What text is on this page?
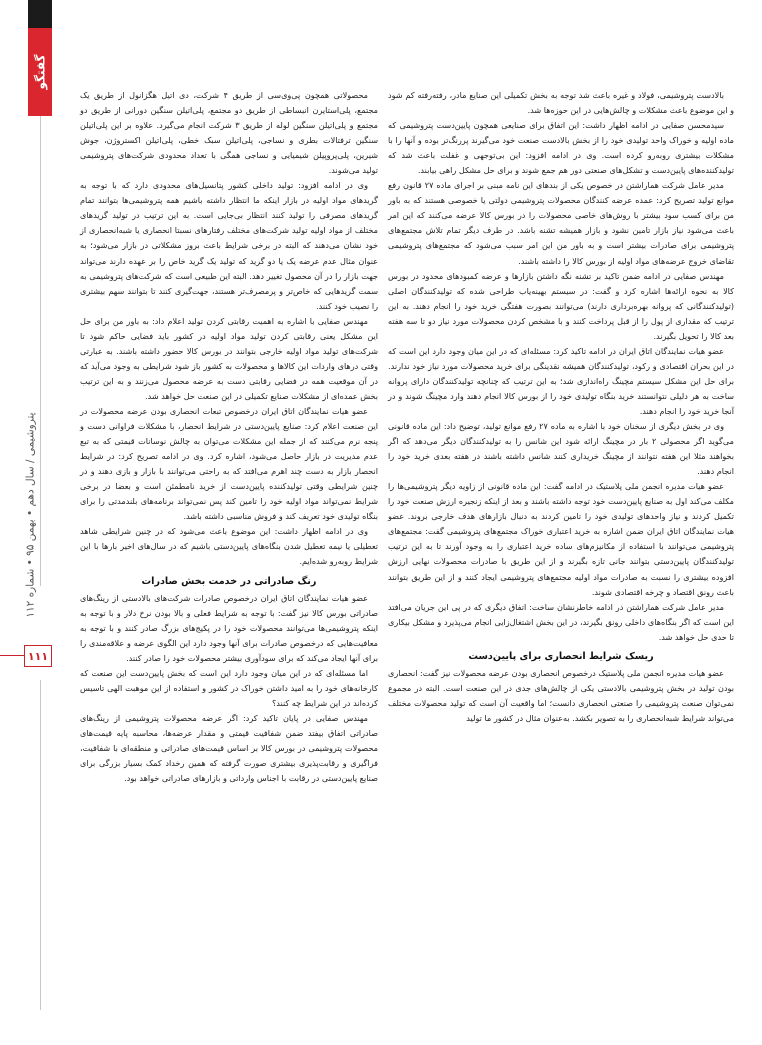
گفتگو
پتروشیمی / سال دهم • بهمن ۹۵ • شماره ۱۱۲
۱۱۱

بالادست پتروشیمی، فولاد و غیره باعث شد توجه به بخش تکمیلی این صنایع مادر، رفته‌رفته کم شود و این موضوع باعث مشکلات و چالش‌هایی در این حوزه‌ها شد.

سیدمحسن صفایی در ادامه اظهار داشت: این اتفاق برای صنایعی همچون پایین‌دست پتروشیمی که ماده اولیه و خوراک واحد تولیدی خود را از بخش بالادست صنعت خود می‌گیرند پررنگ‌تر بوده و آنها را با مشکلات بیشتری روبه‌رو کرده است. وی در ادامه افزود: این بی‌توجهی و غفلت باعث شد که تولیدکننده‌های پایین‌دست و تشکل‌های صنعتی دور هم جمع شوند و برای حل مشکل راهی بیابند.

مدیر عامل شرکت هماراشتن در خصوص یکی از بندهای این نامه مبنی بر اجرای ماده ۲۷ قانون رفع موانع تولید تصریح کرد: عمده عرضه کنندگان محصولات پتروشیمی دولتی یا خصوصی هستند که به باور من برای کسب سود بیشتر با روش‌های خاصی محصولات را در بورس کالا عرضه می‌کنند که این امر باعث می‌شود نیاز بازار تامین نشود و بازار همیشه تشنه باشد. در طرف دیگر تمام تلاش مجتمع‌های پتروشیمی برای صادرات بیشتر است و به باور من این امر سبب می‌شود که مجتمع‌های پتروشیمی تقاضای خروج عرضه‌های مواد اولیه از بورس کالا را داشته باشند.

مهندس صفایی در ادامه ضمن تاکید بر تشنه نگه داشتن بازارها و عرضه کمبودهای محدود در بورس کالا به نحوه ارائه‌ها اشاره کرد و گفت: در سیستم بهینه‌یاب طراحی شده که تولیدکنندگان اصلی (تولیدکنندگانی که پروانه بهره‌برداری دارند) می‌توانند بصورت هفتگی خرید خود را انجام دهند. به این ترتیب که مقداری از پول را از قبل پرداخت کنند و با مشخص کردن محصولات مورد نیاز دو تا سه هفته بعد کالا را تحویل بگیرند.

عضو هیات نمایندگان اتاق ایران در ادامه تاکید کرد: مسئله‌ای که در این میان وجود دارد این است که در این بحران اقتصادی و رکود، تولیدکنندگان همیشه نقدینگی برای خرید محصولات مورد نیاز خود ندارند. برای حل این مشکل سیستم مچینگ راه‌اندازی شد؛ به این ترتیب که چنانچه تولیدکنندگان دارای پروانه ساخت به هر دلیلی نتوانستند خرید بنگاه تولیدی خود را از بورس کالا انجام دهند وارد مچینگ شوند و در آنجا خرید خود را انجام دهند.

وی در بخش دیگری از سخنان خود با اشاره به ماده ۲۷ رفع موانع تولید، توضیح داد: این ماده قانونی می‌گوید اگر محصولی ۲ بار در مچینگ ارائه شود این شانس را به تولیدکنندگان دیگر می‌دهد که اگر بخواهند مثلا این هفته نتوانند از مچینگ خریداری کنند شانس داشته باشند در هفته بعدی خرید خود را انجام دهند.

عضو هیات مدیره انجمن ملی پلاستیک در ادامه گفت: این ماده قانونی از زاویه دیگر پتروشیمی‌ها را مکلف می‌کند اول به صنایع پایین‌دست خود توجه داشته باشند و بعد از اینکه زنجیره ارزش صنعت خود را تکمیل کردند و نیاز واحدهای تولیدی خود را تامین کردند به دنبال بازارهای هدف خارجی بروند. عضو هیات نمایندگان اتاق ایران ضمن اشاره به خرید اعتباری خوراک مجتمع‌های پتروشیمی گفت: مجتمع‌های پتروشیمی می‌توانند با استفاده از مکانیزم‌های ساده خرید اعتباری را به وجود آورند تا به این ترتیب تولیدکنندگان پایین‌دستی بتوانند جانی تازه بگیرند و از این طریق با صادرات محصولات نهایی ارزش افزوده بیشتری را نسبت به صادرات مواد اولیه مجتمع‌های پتروشیمی ایجاد کنند و از این طریق بتوانند باعث رونق اقتصاد و چرخه اقتصادی شوند.

مدیر عامل شرکت هماراشتن در ادامه خاطرنشان ساخت: اتفاق دیگری که در پی این جریان می‌افتد این است که اگر بنگاه‌های داخلی رونق بگیرند، در این بخش اشتغال‌زایی انجام می‌پذیرد و مشکل بیکاری تا حدی حل خواهد شد.

ریسک شرایط انحصاری برای پایین‌دست

عضو هیات مدیره انجمن ملی پلاستیک درخصوص انحصاری بودن عرضه محصولات نیز گفت: انحصاری بودن تولید در بخش پتروشیمی بالادستی یکی از چالش‌های جدی در این صنعت است. البته در مجموع نمی‌توان صنعت پتروشیمی را صنعتی انحصاری دانست؛ اما واقعیت آن است که تولید محصولات مختلف می‌تواند شرایط شبه‌انحصاری را به تصویر بکشد. به‌عنوان مثال در کشور ما تولید

محصولاتی همچون پی‌وی‌سی از طریق ۴ شرکت، دی اتیل هگزانول از طریق یک مجتمع، پلی‌استایرن انبساطی از طریق دو مجتمع، پلی‌اتیلن سنگین دورانی از طریق دو مجتمع و پلی‌اتیلن سنگین لوله از طریق ۳ شرکت انجام می‌گیرد. علاوه بر این پلی‌اتیلن سنگین ترفتالات بطری و نساجی، پلی‌اتیلن سبک خطی، پلی‌اتیلن اکستروژن، جوش شیرین، پلی‌پروپیلن شیمیایی و نساجی همگی با تعداد محدودی شرکت‌های پتروشیمی تولید می‌شوند.

وی در ادامه افزود: تولید داخلی کشور پتانسیل‌های محدودی دارد که با توجه به گریدهای مواد اولیه در بازار اینکه ما انتظار داشته باشیم همه پتروشیمی‌ها بتوانند تمام گریدهای مصرفی را تولید کنند انتظار بی‌جایی است. به این ترتیب در تولید گریدهای مختلف از مواد اولیه تولید شرکت‌های مختلف رفتارهای نسبتا انحصاری یا شبه‌انحصاری از خود نشان می‌دهند که البته در برخی شرایط باعث بروز مشکلاتی در بازار می‌شود؛ به عنوان مثال عدم عرضه یک یا دو گرید که تولید یک گرید خاص را بر عهده دارند می‌تواند جهت بازار را در آن محصول تغییر دهد. البته این طبیعی است که شرکت‌های پتروشیمی به سمت گریدهایی که خاص‌تر و پرمصرف‌تر هستند، جهت‌گیری کنند تا بتوانند سهم بیشتری را نصیب خود کنند.

مهندس صفایی با اشاره به اهمیت رقابتی کردن تولید اعلام داد: به باور من برای حل این مشکل یعنی رقابتی کردن تولید مواد اولیه در کشور باید فضایی حاکم شود تا شرکت‌های تولید مواد اولیه خارجی بتوانند در بورس کالا حضور داشته باشند. به عبارتی وقتی درهای واردات این کالاها و محصولات به کشور باز شود شرایطی به وجود می‌آید که در آن موقعیت همه در فضایی رقابتی دست به عرضه محصول می‌زنند و به این ترتیب بخش عمده‌ای از مشکلات صنایع تکمیلی در این صنعت حل خواهد شد.

عضو هیات نمایندگان اتاق ایران درخصوص تبعات انحصاری بودن عرضه محصولات در این صنعت اعلام کرد: صنایع پایین‌دستی در شرایط انحصار، با مشکلات فراوانی دست و پنجه نرم می‌کنند که از جمله این مشکلات می‌توان به چالش نوسانات قیمتی که به تبع عدم مدیریت در بازار حاصل می‌شود، اشاره کرد. وی در ادامه تصریح کرد: در شرایط انحصار بازار به دست چند اهرم می‌افتد که به راحتی می‌توانند با بازار و بازی دهند و در چنین شرایطی وقتی تولیدکننده پایین‌دست از خرید نامطمئن است و بعضا در برخی شرایط نمی‌تواند مواد اولیه خود را تامین کند پس نمی‌تواند برنامه‌های بلندمدتی را برای بنگاه تولیدی خود تعریف کند و فروش مناسبی داشته باشد.

وی در ادامه اظهار داشت: این موضوع باعث می‌شود که در چنین شرایطی شاهد تعطیلی یا نیمه تعطیل شدن بنگاه‌های پایین‌دستی باشیم که در سال‌های اخیر بارها با این شرایط روبه‌رو شده‌ایم.

رنگ صادراتی در خدمت بخش صادرات

عضو هیات نمایندگان اتاق ایران درخصوص صادرات شرکت‌های بالادستی از رینگ‌های صادراتی بورس کالا نیز گفت: با توجه به شرایط فعلی و بالا بودن نرخ دلار و با توجه به اینکه پتروشیمی‌ها می‌توانند محصولات خود را در پکیج‌های بزرگ صادر کنند و با توجه به معافیت‌هایی که درخصوص صادرات برای آنها وجود دارد این الگوی عرضه و علاقه‌مندی را برای آنها ایجاد می‌کند که برای سودآوری بیشتر محصولات خود را صادر کنند.

اما مسئله‌ای که در این میان وجود دارد این است که بخش پایین‌دست این صنعت که کارخانه‌های خود را به امید داشتن خوراک در کشور و استفاده از این موهبت الهی تاسیس کرده‌اند در این شرایط چه کنند؟

مهندس صفایی در پایان تاکید کرد: اگر عرضه محصولات پتروشیمی از رینگ‌های صادراتی اتفاق بیفتد ضمن شفافیت قیمتی و مقدار عرضه‌ها، محاسبه پایه قیمت‌های محصولات پتروشیمی در بورس کالا بر اساس قیمت‌های صادراتی و منطقه‌ای با شفافیت، فراگیری و رقابت‌پذیری بیشتری صورت گرفته که همین رخداد کمک بسیار بزرگی برای صنایع پایین‌دستی در رقابت با اجناس وارداتی و بازارهای صادراتی خواهد بود.
